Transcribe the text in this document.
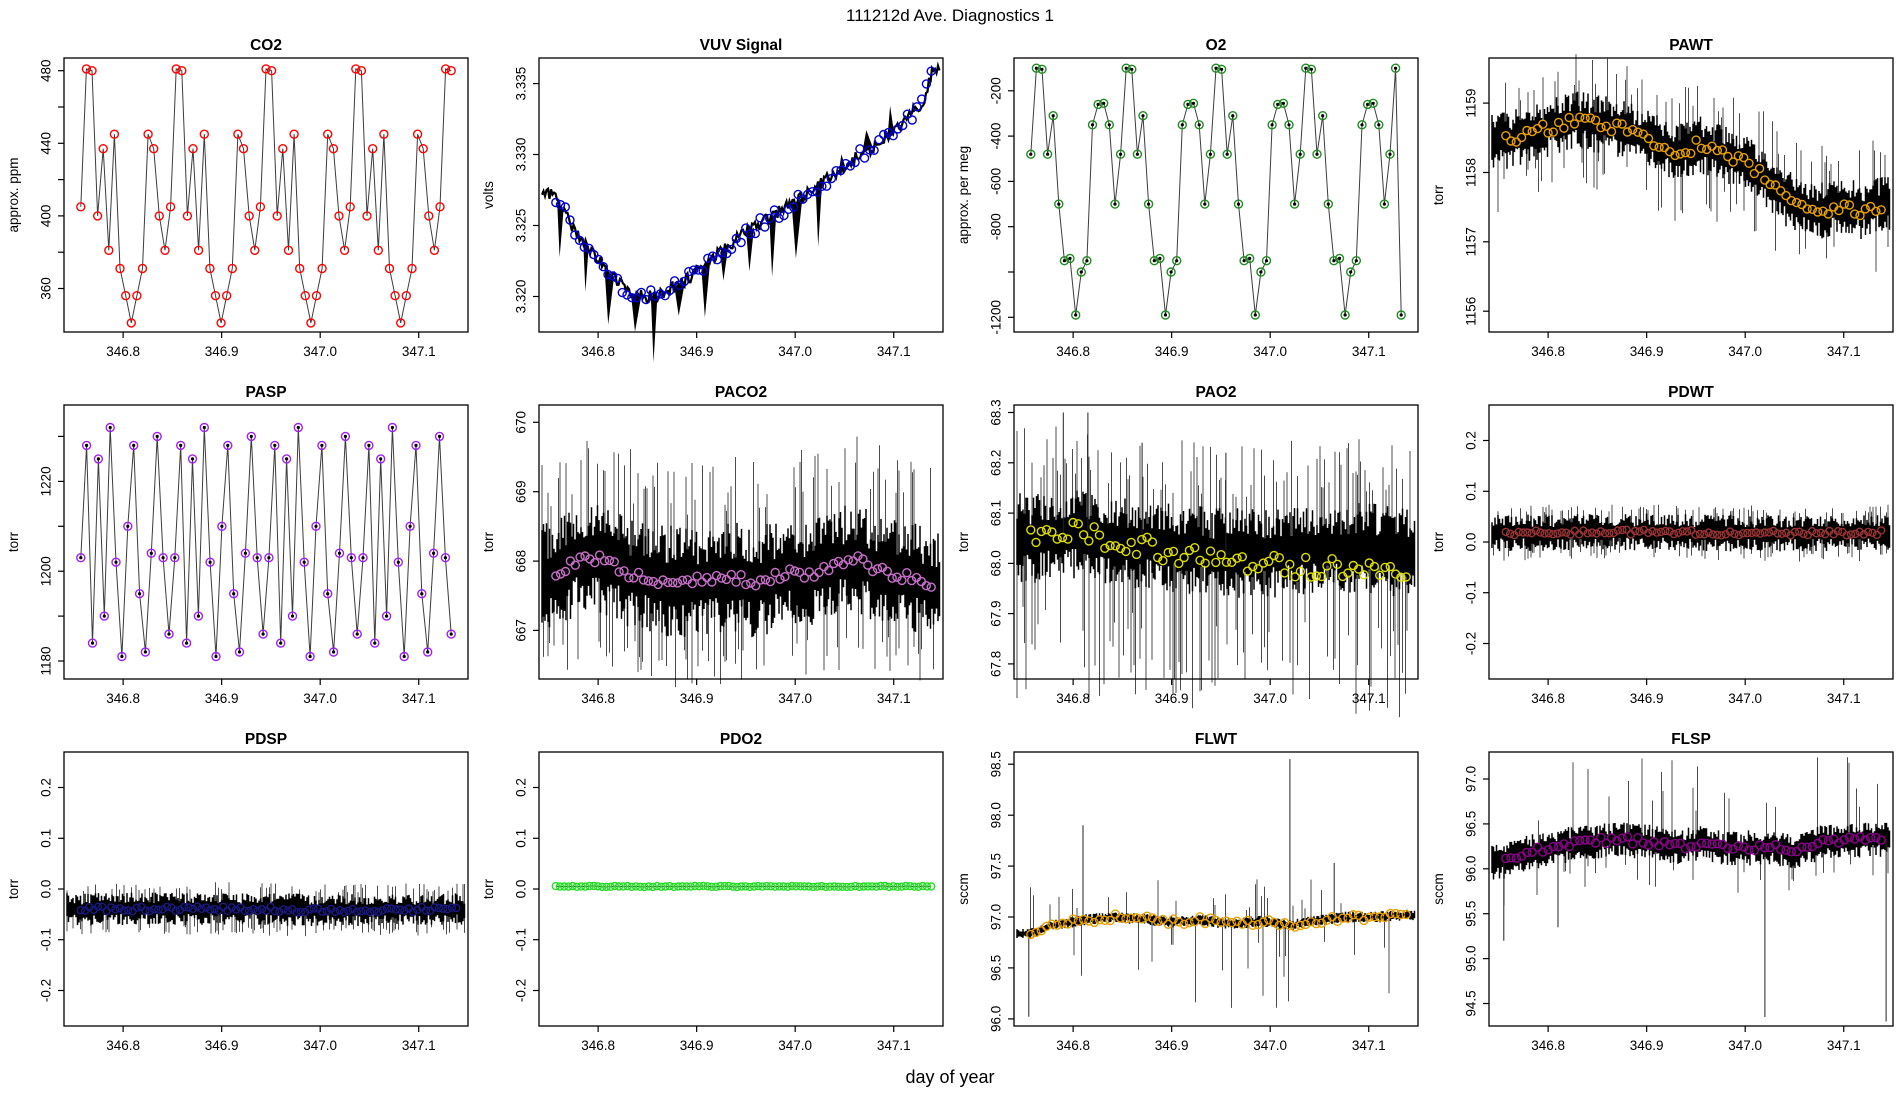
111212d Ave. Diagnostics 1
346.8	346.9	347.0	347.1
360
400
440
480
CO2
approx. ppm
346.8	346.9	347.0	347.1
3.320
3.325
3.330
3.335
VUV Signal
volts
346.8	346.9	347.0	347.1
-200
-400
-600
-800
-1200
O2
approx. per meg
346.8	346.9	347.0	347.1
1156
1157
1158
1159
PAWT
torr
346.8	346.9	347.0	347.1
1180
1200
1220
PASP
torr
346.8	346.9	347.0	347.1
667
668
669
670
PACO2
torr
346.8	346.9	347.0	347.1
67.8
67.9
68.0
68.1
68.2
68.3
PAO2
torr
346.8	346.9	347.0	347.1
-0.2
-0.1
0.0
0.1
0.2
PDWT
torr
346.8	346.9	347.0	347.1
-0.2
-0.1
0.0
0.1
0.2
PDSP
torr
346.8	346.9	347.0	347.1
-0.2
-0.1
0.0
0.1
0.2
PDO2
torr
346.8	346.9	347.0	347.1
96.0
96.5
97.0
97.5
98.0
98.5
FLWT
sccm
346.8	346.9	347.0	347.1
94.5
95.0
95.5
96.0
96.5
97.0
FLSP
sccm
day of year
